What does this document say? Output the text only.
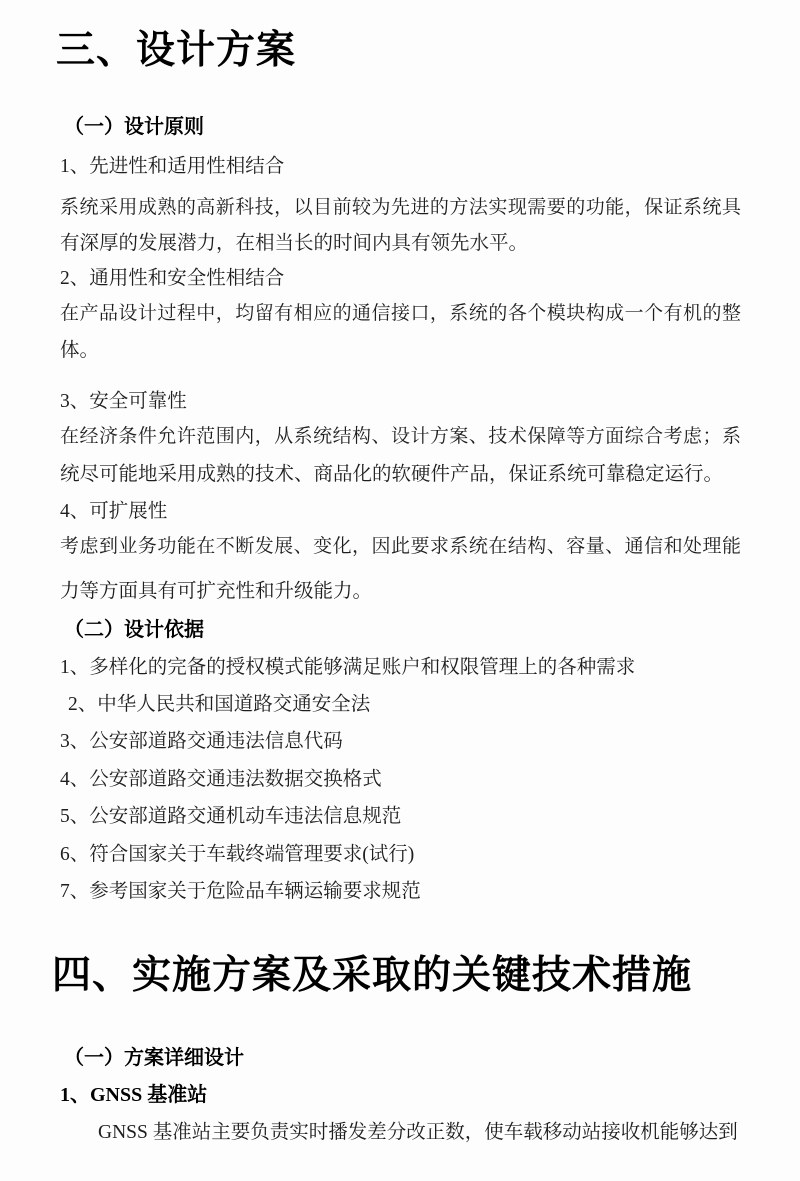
三、设计方案
（一）设计原则
1、先进性和适用性相结合
系统采用成熟的高新科技，以目前较为先进的方法实现需要的功能，保证系统具
有深厚的发展潜力，在相当长的时间内具有领先水平。
2、通用性和安全性相结合
在产品设计过程中，均留有相应的通信接口，系统的各个模块构成一个有机的整
体。
3、安全可靠性
在经济条件允许范围内，从系统结构、设计方案、技术保障等方面综合考虑；系
统尽可能地采用成熟的技术、商品化的软硬件产品，保证系统可靠稳定运行。
4、可扩展性
考虑到业务功能在不断发展、变化，因此要求系统在结构、容量、通信和处理能
力等方面具有可扩充性和升级能力。
（二）设计依据
1、多样化的完备的授权模式能够满足账户和权限管理上的各种需求
2、中华人民共和国道路交通安全法
3、公安部道路交通违法信息代码
4、公安部道路交通违法数据交换格式
5、公安部道路交通机动车违法信息规范
6、符合国家关于车载终端管理要求(试行)
7、参考国家关于危险品车辆运输要求规范
四、实施方案及采取的关键技术措施
（一）方案详细设计
1、GNSS 基准站
GNSS 基准站主要负责实时播发差分改正数，使车载移动站接收机能够达到
